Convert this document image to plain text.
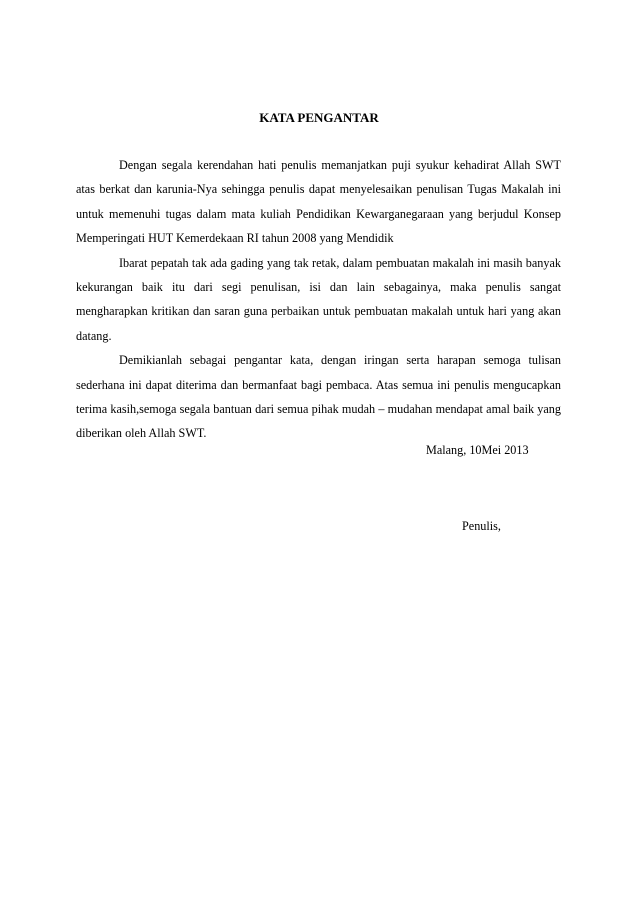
KATA PENGANTAR

Dengan segala kerendahan hati penulis memanjatkan puji syukur kehadirat Allah SWT atas berkat dan karunia-Nya sehingga penulis dapat menyelesaikan penulisan Tugas Makalah ini untuk memenuhi tugas dalam mata kuliah Pendidikan Kewarganegaraan yang berjudul Konsep Memperingati HUT Kemerdekaan RI tahun 2008 yang Mendidik

Ibarat pepatah tak ada gading yang tak retak, dalam pembuatan makalah ini masih banyak kekurangan baik itu dari segi penulisan, isi dan lain sebagainya, maka penulis sangat mengharapkan kritikan dan saran guna perbaikan untuk pembuatan makalah untuk hari yang akan datang.

Demikianlah sebagai pengantar kata, dengan iringan serta harapan semoga tulisan sederhana ini dapat diterima dan bermanfaat bagi pembaca. Atas semua ini penulis mengucapkan terima kasih,semoga segala bantuan dari semua pihak mudah – mudahan mendapat amal baik yang diberikan oleh Allah SWT.

Malang, 10Mei 2013
Penulis,
